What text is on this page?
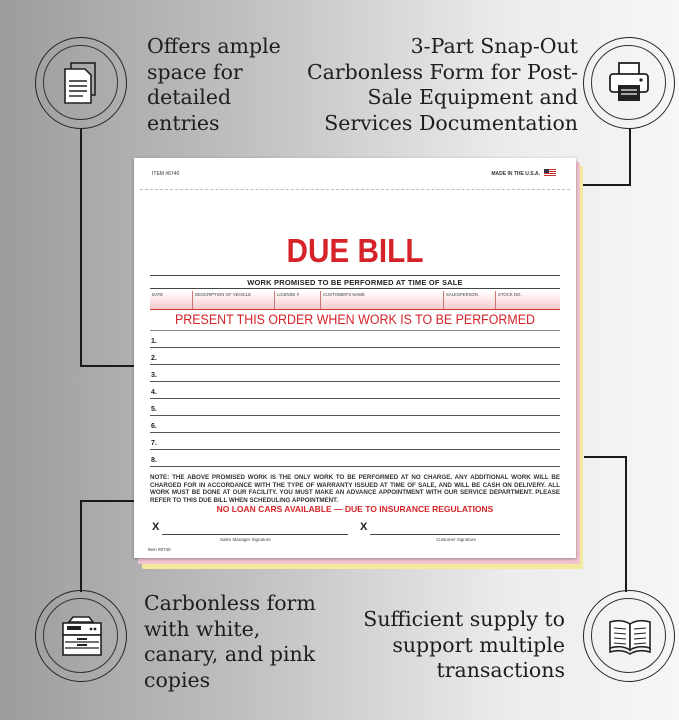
Offers ample
space for
detailed
entries

3-Part Snap-Out
Carbonless Form for Post-
Sale Equipment and
Services Documentation

Carbonless form
with white,
canary, and pink
copies

Sufficient supply to
support multiple
transactions

ITEM #6740	MADE IN THE U.S.A.
DUE BILL
WORK PROMISED TO BE PERFORMED AT TIME OF SALE
DATE	DESCRIPTION OF VEHICLE	LICENSE #	CUSTOMER'S NAME	SALESPERSON	STOCK NO.
PRESENT THIS ORDER WHEN WORK IS TO BE PERFORMED
1.
2.
3.
4.
5.
6.
7.
8.

NOTE: THE ABOVE PROMISED WORK IS THE ONLY WORK TO BE PERFORMED AT NO CHARGE. ANY ADDITIONAL WORK WILL BE CHARGED FOR IN ACCORDANCE WITH THE TYPE OF WARRANTY ISSUED AT TIME OF SALE, AND WILL BE CASH ON DELIVERY. ALL WORK MUST BE DONE AT OUR FACILITY. YOU MUST MAKE AN ADVANCE APPOINTMENT WITH OUR SERVICE DEPARTMENT. PLEASE REFER TO THIS DUE BILL WHEN SCHEDULING APPOINTMENT.

NO LOAN CARS AVAILABLE — DUE TO INSURANCE REGULATIONS
X
Sales Manager Signature
X
Customer Signature
Item #6740
